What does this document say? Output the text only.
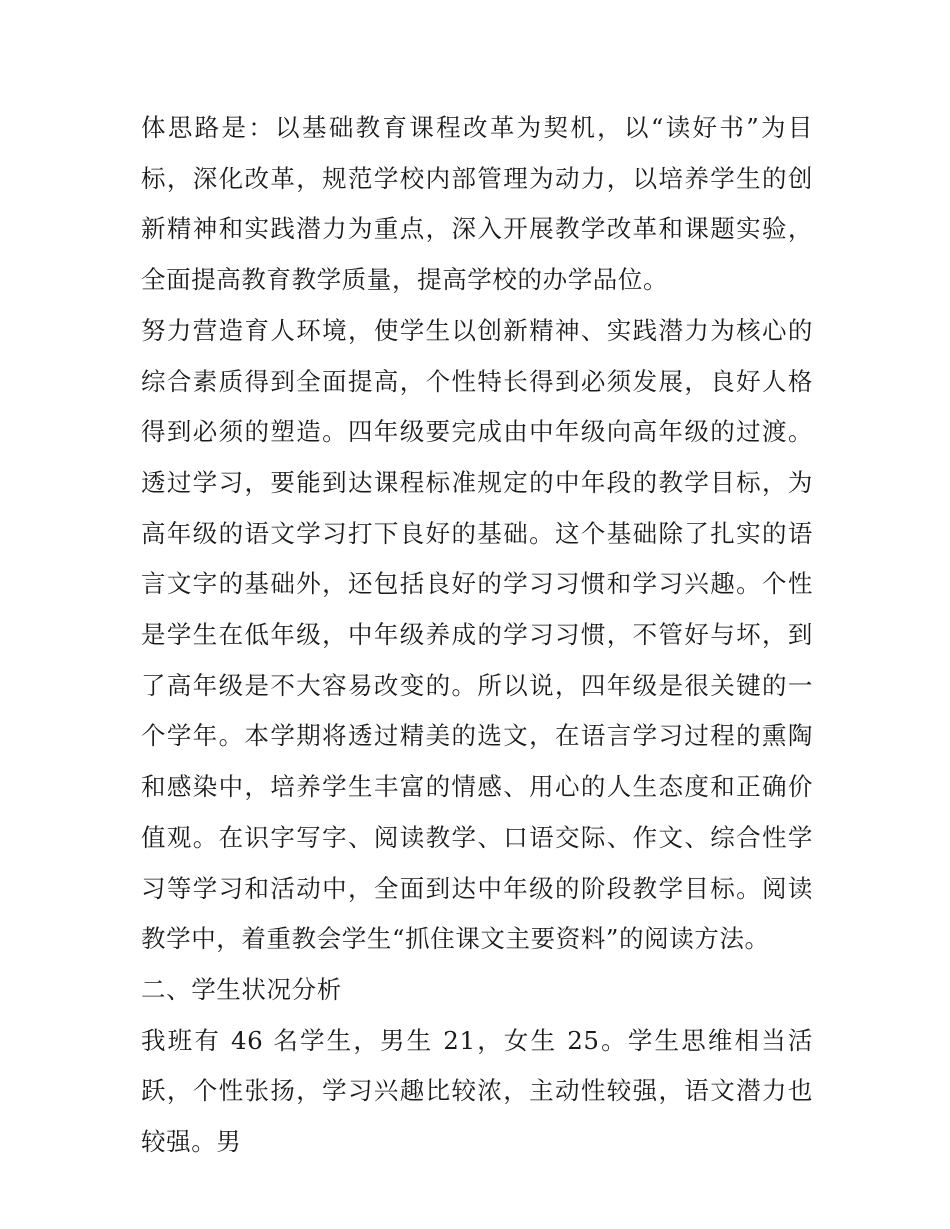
体思路是：以基础教育课程改革为契机，以“读好书”为目标，深化改革，规范学校内部管理为动力，以培养学生的创新精神和实践潜力为重点，深入开展教学改革和课题实验，全面提高教育教学质量，提高学校的办学品位。

努力营造育人环境，使学生以创新精神、实践潜力为核心的综合素质得到全面提高，个性特长得到必须发展，良好人格得到必须的塑造。四年级要完成由中年级向高年级的过渡。透过学习，要能到达课程标准规定的中年段的教学目标，为高年级的语文学习打下良好的基础。这个基础除了扎实的语言文字的基础外，还包括良好的学习习惯和学习兴趣。个性是学生在低年级，中年级养成的学习习惯，不管好与坏，到了高年级是不大容易改变的。所以说，四年级是很关键的一个学年。本学期将透过精美的选文，在语言学习过程的熏陶和感染中，培养学生丰富的情感、用心的人生态度和正确价值观。在识字写字、阅读教学、口语交际、作文、综合性学习等学习和活动中，全面到达中年级的阶段教学目标。阅读教学中，着重教会学生“抓住课文主要资料”的阅读方法。

二、学生状况分析

我班有 46 名学生，男生 21，女生 25。学生思维相当活跃，个性张扬，学习兴趣比较浓，主动性较强，语文潜力也较强。男
